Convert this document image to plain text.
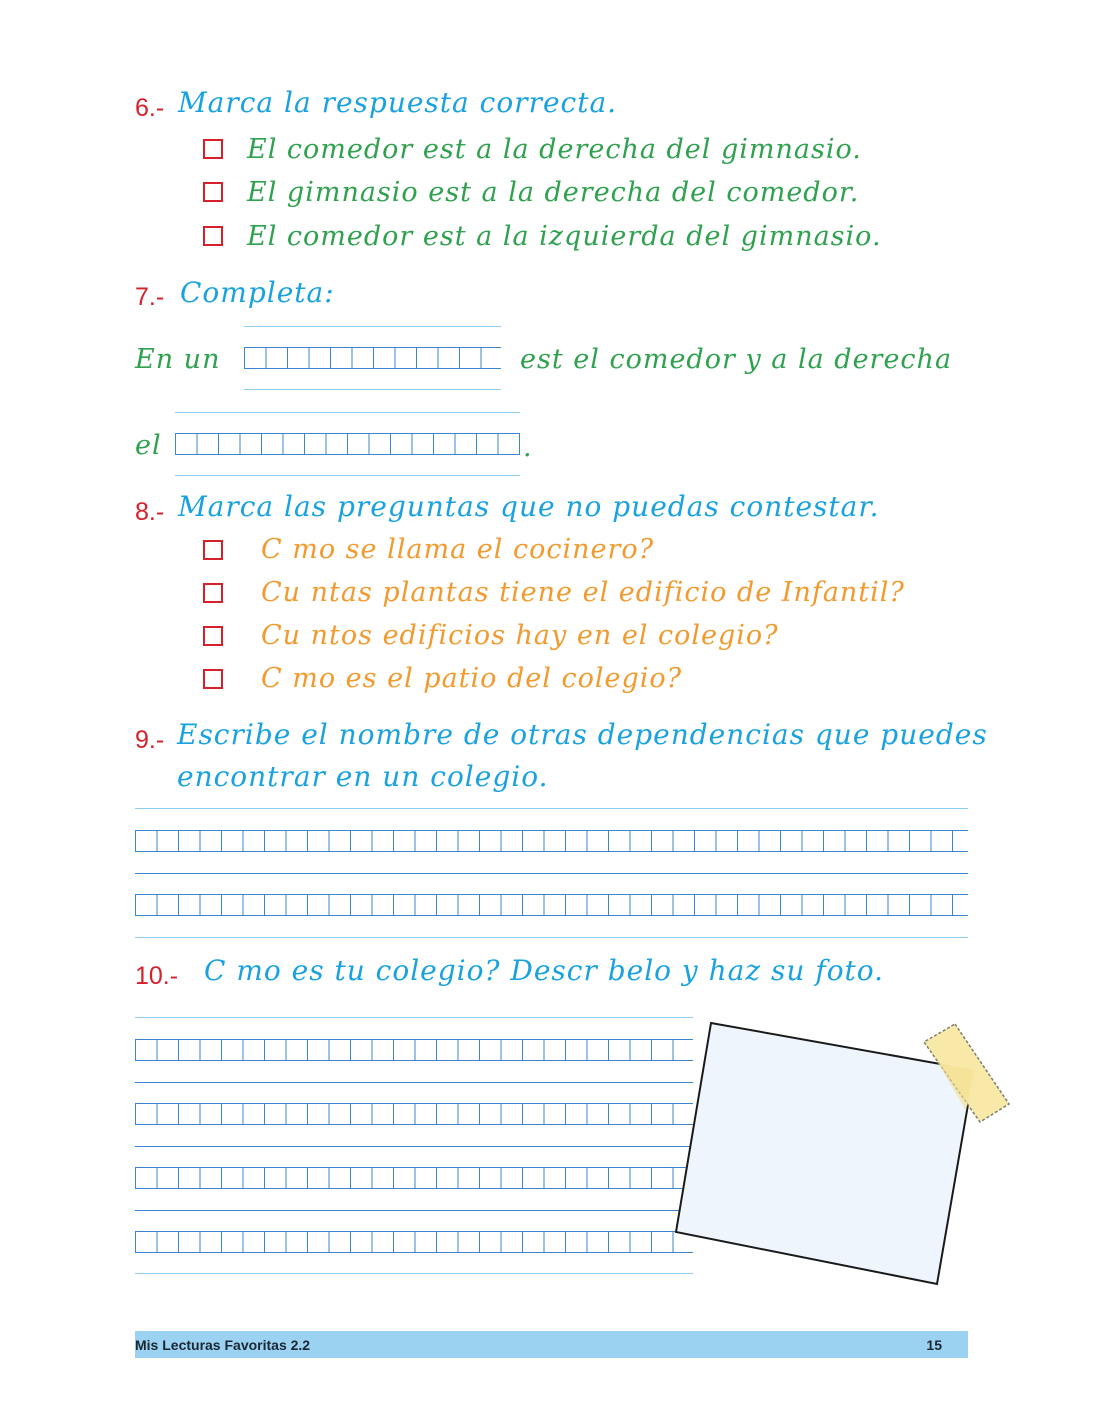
6.- Marca la respuesta correcta.
El comedor est a la derecha del gimnasio.
El gimnasio est a la derecha del comedor.
El comedor est a la izquierda del gimnasio.
7.- Completa:
En un	est el comedor y a la derecha
el	.
8.- Marca las preguntas que no puedas contestar.
C mo se llama el cocinero?
Cu ntas plantas tiene el edificio de Infantil?
Cu ntos edificios hay en el colegio?
C mo es el patio del colegio?
9.- Escribe el nombre de otras dependencias que puedes
encontrar en un colegio.
10.- C mo es tu colegio? Descr belo y haz su foto.
Mis Lecturas Favoritas 2.2	15
